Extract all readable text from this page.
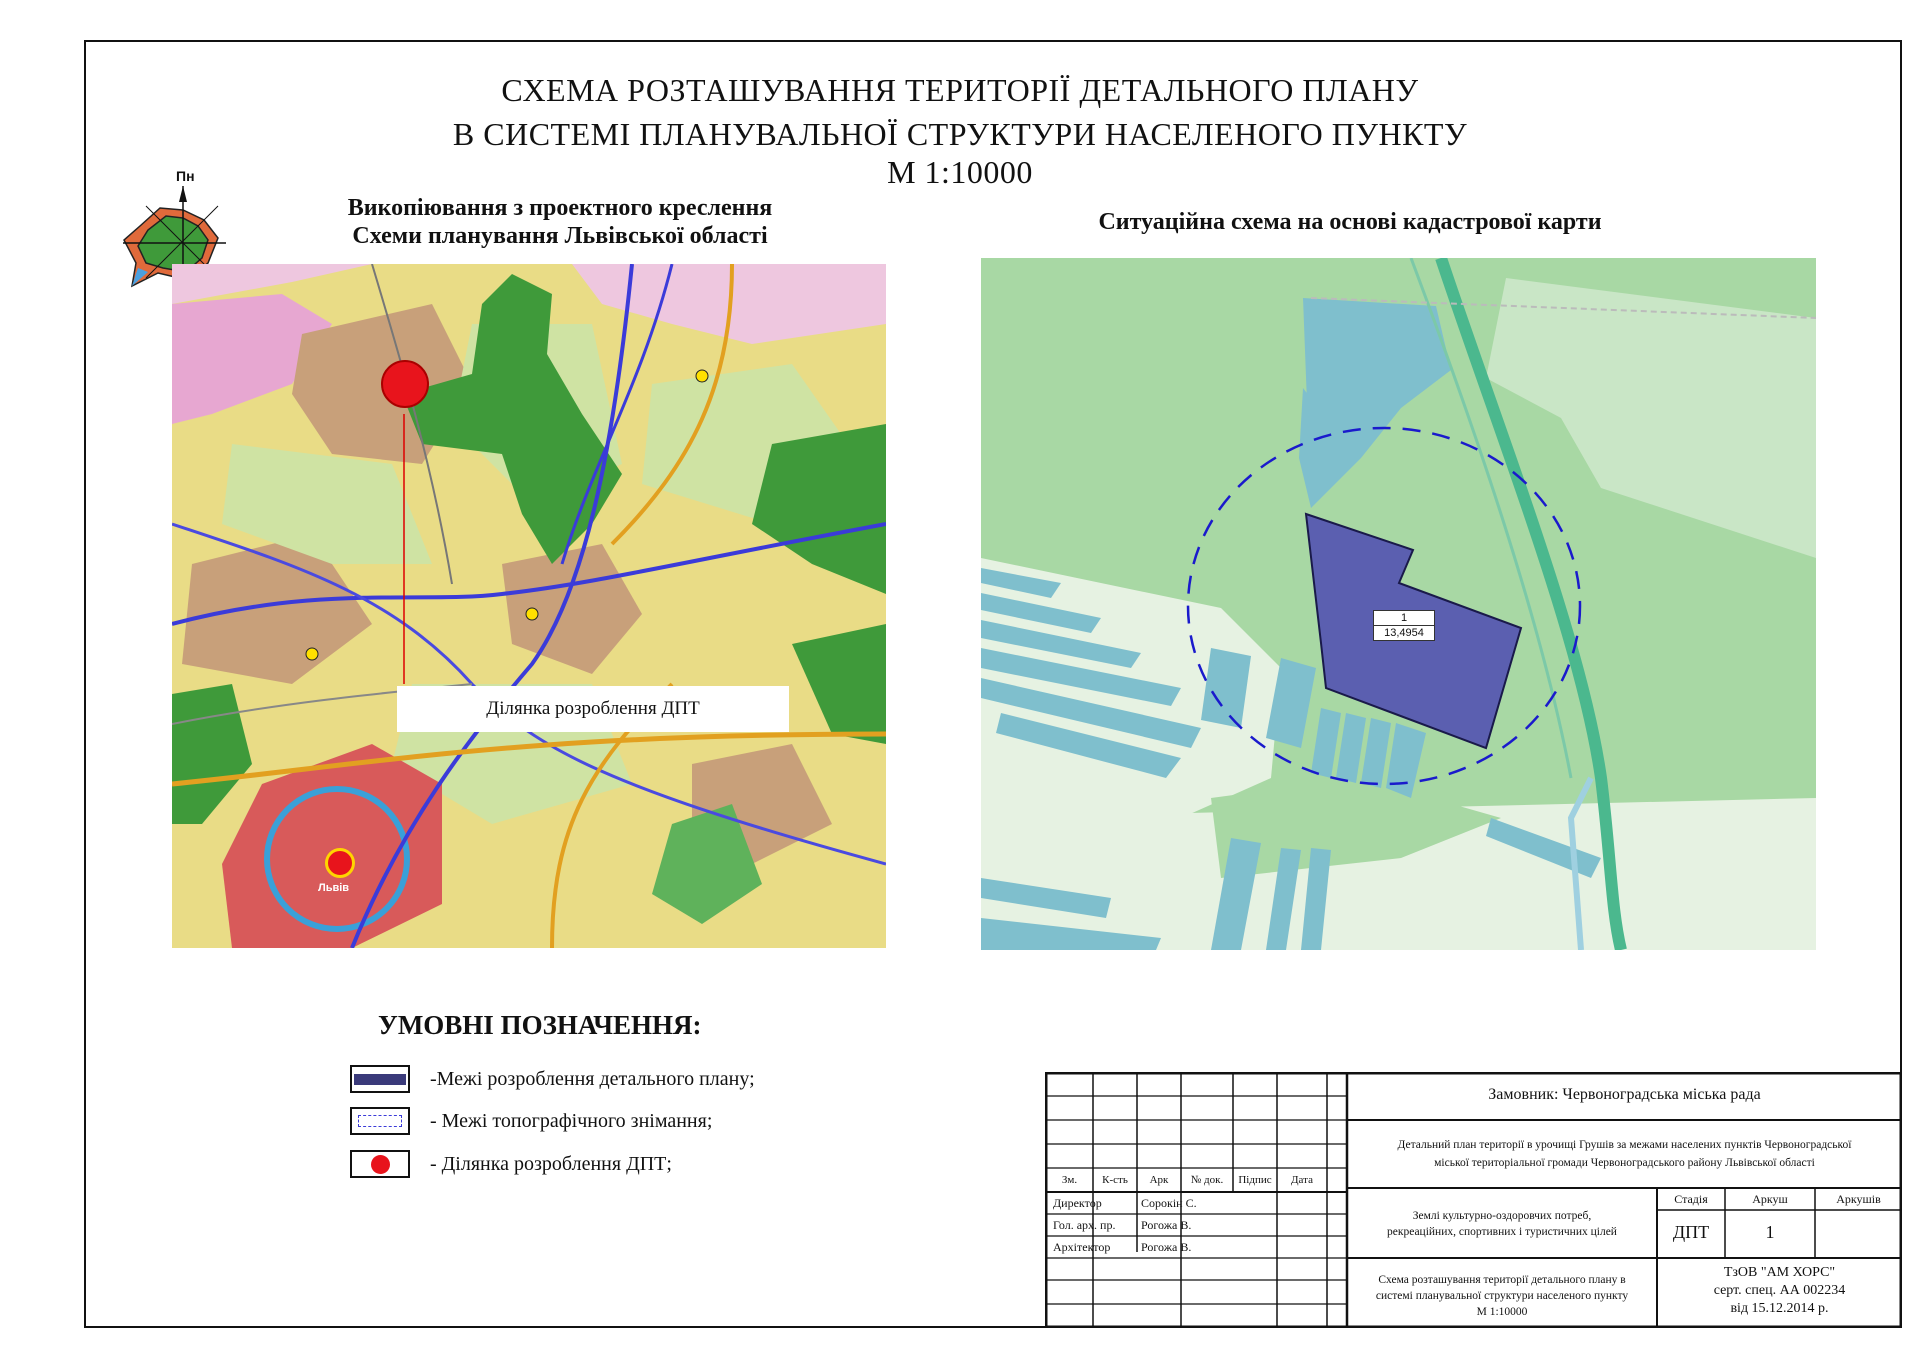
СХЕМА РОЗТАШУВАННЯ ТЕРИТОРІЇ ДЕТАЛЬНОГО ПЛАНУ
В СИСТЕМІ ПЛАНУВАЛЬНОЇ СТРУКТУРИ НАСЕЛЕНОГО ПУНКТУ
М 1:10000
Пн
Викопіювання з проектного креслення
Схеми планування Львівської області
Ситуаційна схема на основі кадастрової карти
Львів
Ділянка розроблення ДПТ
1
13,4954
УМОВНІ ПОЗНАЧЕННЯ:
-Межі розроблення детального плану;
- Межі топографічного знімання;
- Ділянка розроблення ДПТ;
Зм.	К-сть	Арк	№ док.	Підпис	Дата
Директор	Сорокін С.
Гол. арх. пр. Рогожа В.
Архітектор	Рогожа В.
Замовник: Червоноградська міська рада
Детальний план території в урочищі Грушів за межами населених пунктів Червоноградської
міської територіальної громади Червоноградського району Львівської області
Землі культурно-оздоровчих потреб,
рекреаційних, спортивних і туристичних цілей
Стадія	Аркуш	Аркушів
ДПТ	1
Схема розташування території детального плану в
системі планувальної структури населеного пункту
М 1:10000
ТзОВ "АМ ХОРС"
серт. спец. АА 002234
від 15.12.2014 р.
